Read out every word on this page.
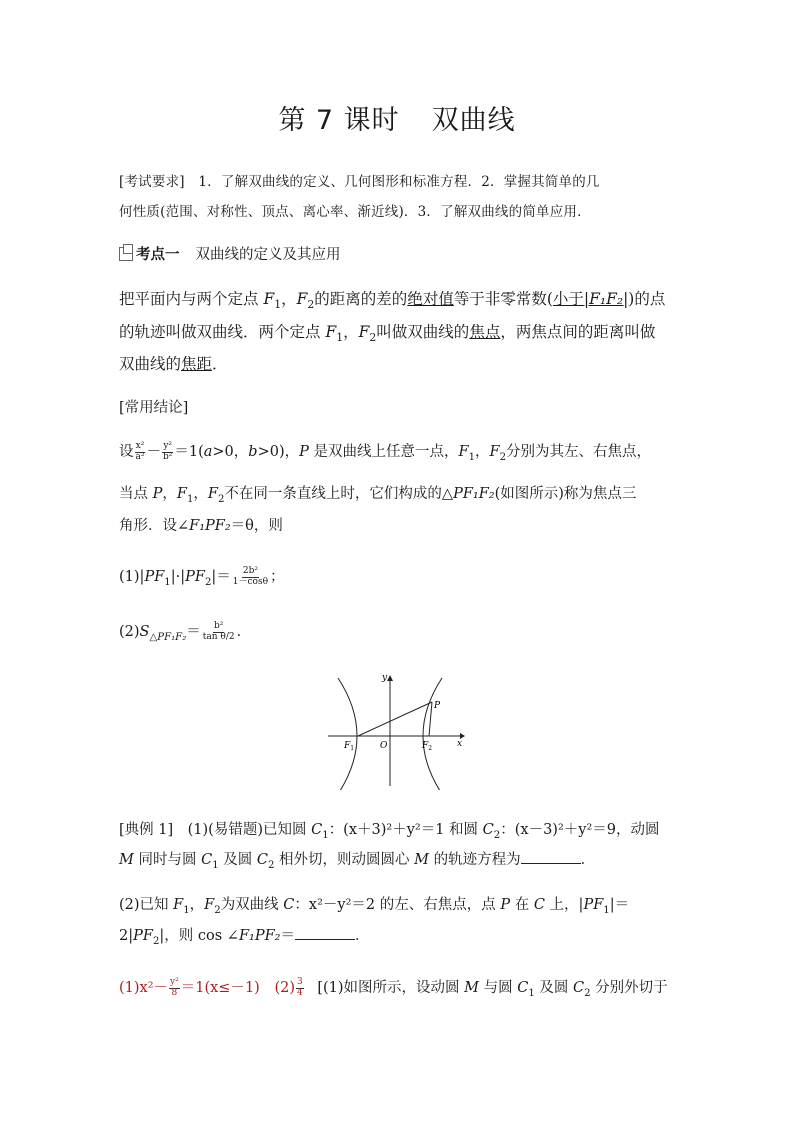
第 7 课时 双曲线
[考试要求]　1．了解双曲线的定义、几何图形和标准方程．2．掌握其简单的几
何性质(范围、对称性、顶点、离心率、渐近线)．3．了解双曲线的简单应用．
考点一 双曲线的定义及其应用
把平面内与两个定点 $F_1$，$F_2$的距离的差的绝对值等于非零常数(小于|F₁F₂|)的点
的轨迹叫做双曲线．两个定点 $F_1$，$F_2$叫做双曲线的焦点，两焦点间的距离叫做
双曲线的焦距．
[常用结论]
设 $\frac{\text{x²}}{\text{a²}} - \frac{\text{y²}}{\text{b²}} =1(a>0$，b>0)，P 是双曲线上任意一点，$F_1$，$F_2$分别为其左、右焦点，
当点 P，$F_1$，$F_2$不在同一条直线上时，它们构成的△PF₁F₂(如图所示)称为焦点三
角形．设∠F₁PF₂＝θ，则
$(1)|PF_1|\cdot|PF_2|= \frac{\text{2b²}}{1-\cos\theta}$ ；
$(2)S_{\triangle PF_1F_2}= \frac{\text{b²}}{\text{tan θ/2}}$ ．
y
x
O
P
$F_1$	$F_2$
[典例 1]　(1)(易错题)已知圆 $C_1$：(x＋3)²＋y²＝1 和圆 $C_2$：(x－3)²＋y²＝9，动圆
M 同时与圆 $C_1$ 及圆 $C_2$ 相外切，则动圆圆心 M 的轨迹方程为	．
(2)已知 $F_1$，$F_2$为双曲线 C：x²－y²＝2 的左、右焦点，点 P 在 C 上，$|PF_1|=$
$2|PF_2|$，则 cos ∠F₁PF₂＝	．
$(1)x^2- \frac{\text{y²}}{8} =1(x\le-1)$ $(2) \frac{3}{4} [(1)$如图所示，设动圆 M 与圆 $C_1$ 及圆 $C_2$ 分别外切于
